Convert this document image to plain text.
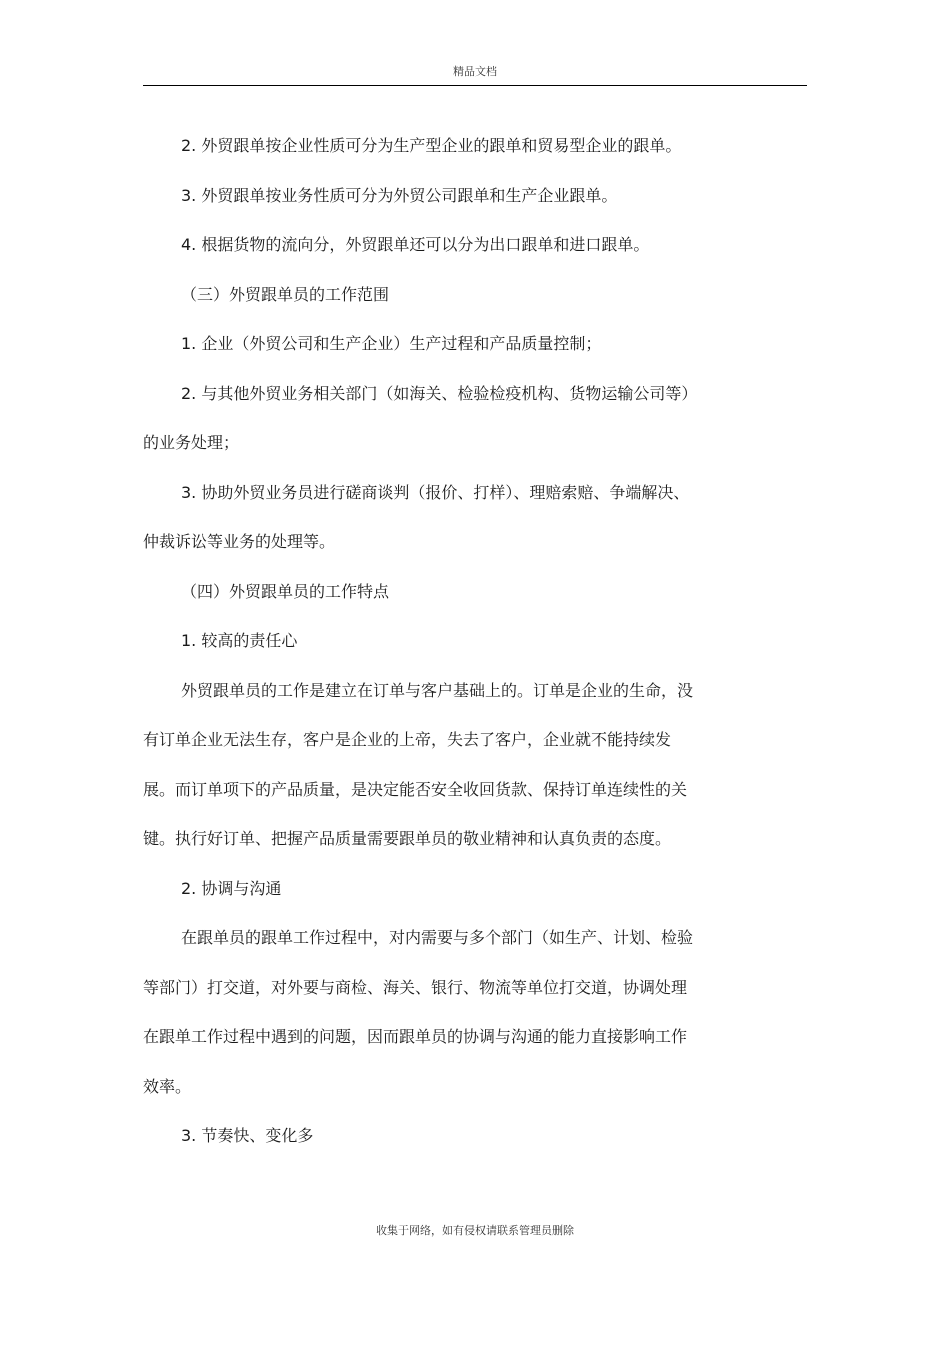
精品文档

2. 外贸跟单按企业性质可分为生产型企业的跟单和贸易型企业的跟单。

3. 外贸跟单按业务性质可分为外贸公司跟单和生产企业跟单。

4. 根据货物的流向分，外贸跟单还可以分为出口跟单和进口跟单。

（三）外贸跟单员的工作范围

1. 企业（外贸公司和生产企业）生产过程和产品质量控制；

2. 与其他外贸业务相关部门（如海关、检验检疫机构、货物运输公司等）

的业务处理；

3. 协助外贸业务员进行磋商谈判（报价、打样）、理赔索赔、争端解决、

仲裁诉讼等业务的处理等。

（四）外贸跟单员的工作特点

1. 较高的责任心

外贸跟单员的工作是建立在订单与客户基础上的。订单是企业的生命，没

有订单企业无法生存，客户是企业的上帝，失去了客户，企业就不能持续发

展。而订单项下的产品质量，是决定能否安全收回货款、保持订单连续性的关

键。执行好订单、把握产品质量需要跟单员的敬业精神和认真负责的态度。

2. 协调与沟通

在跟单员的跟单工作过程中，对内需要与多个部门（如生产、计划、检验

等部门）打交道，对外要与商检、海关、银行、物流等单位打交道，协调处理

在跟单工作过程中遇到的问题，因而跟单员的协调与沟通的能力直接影响工作

效率。

3. 节奏快、变化多

收集于网络，如有侵权请联系管理员删除
